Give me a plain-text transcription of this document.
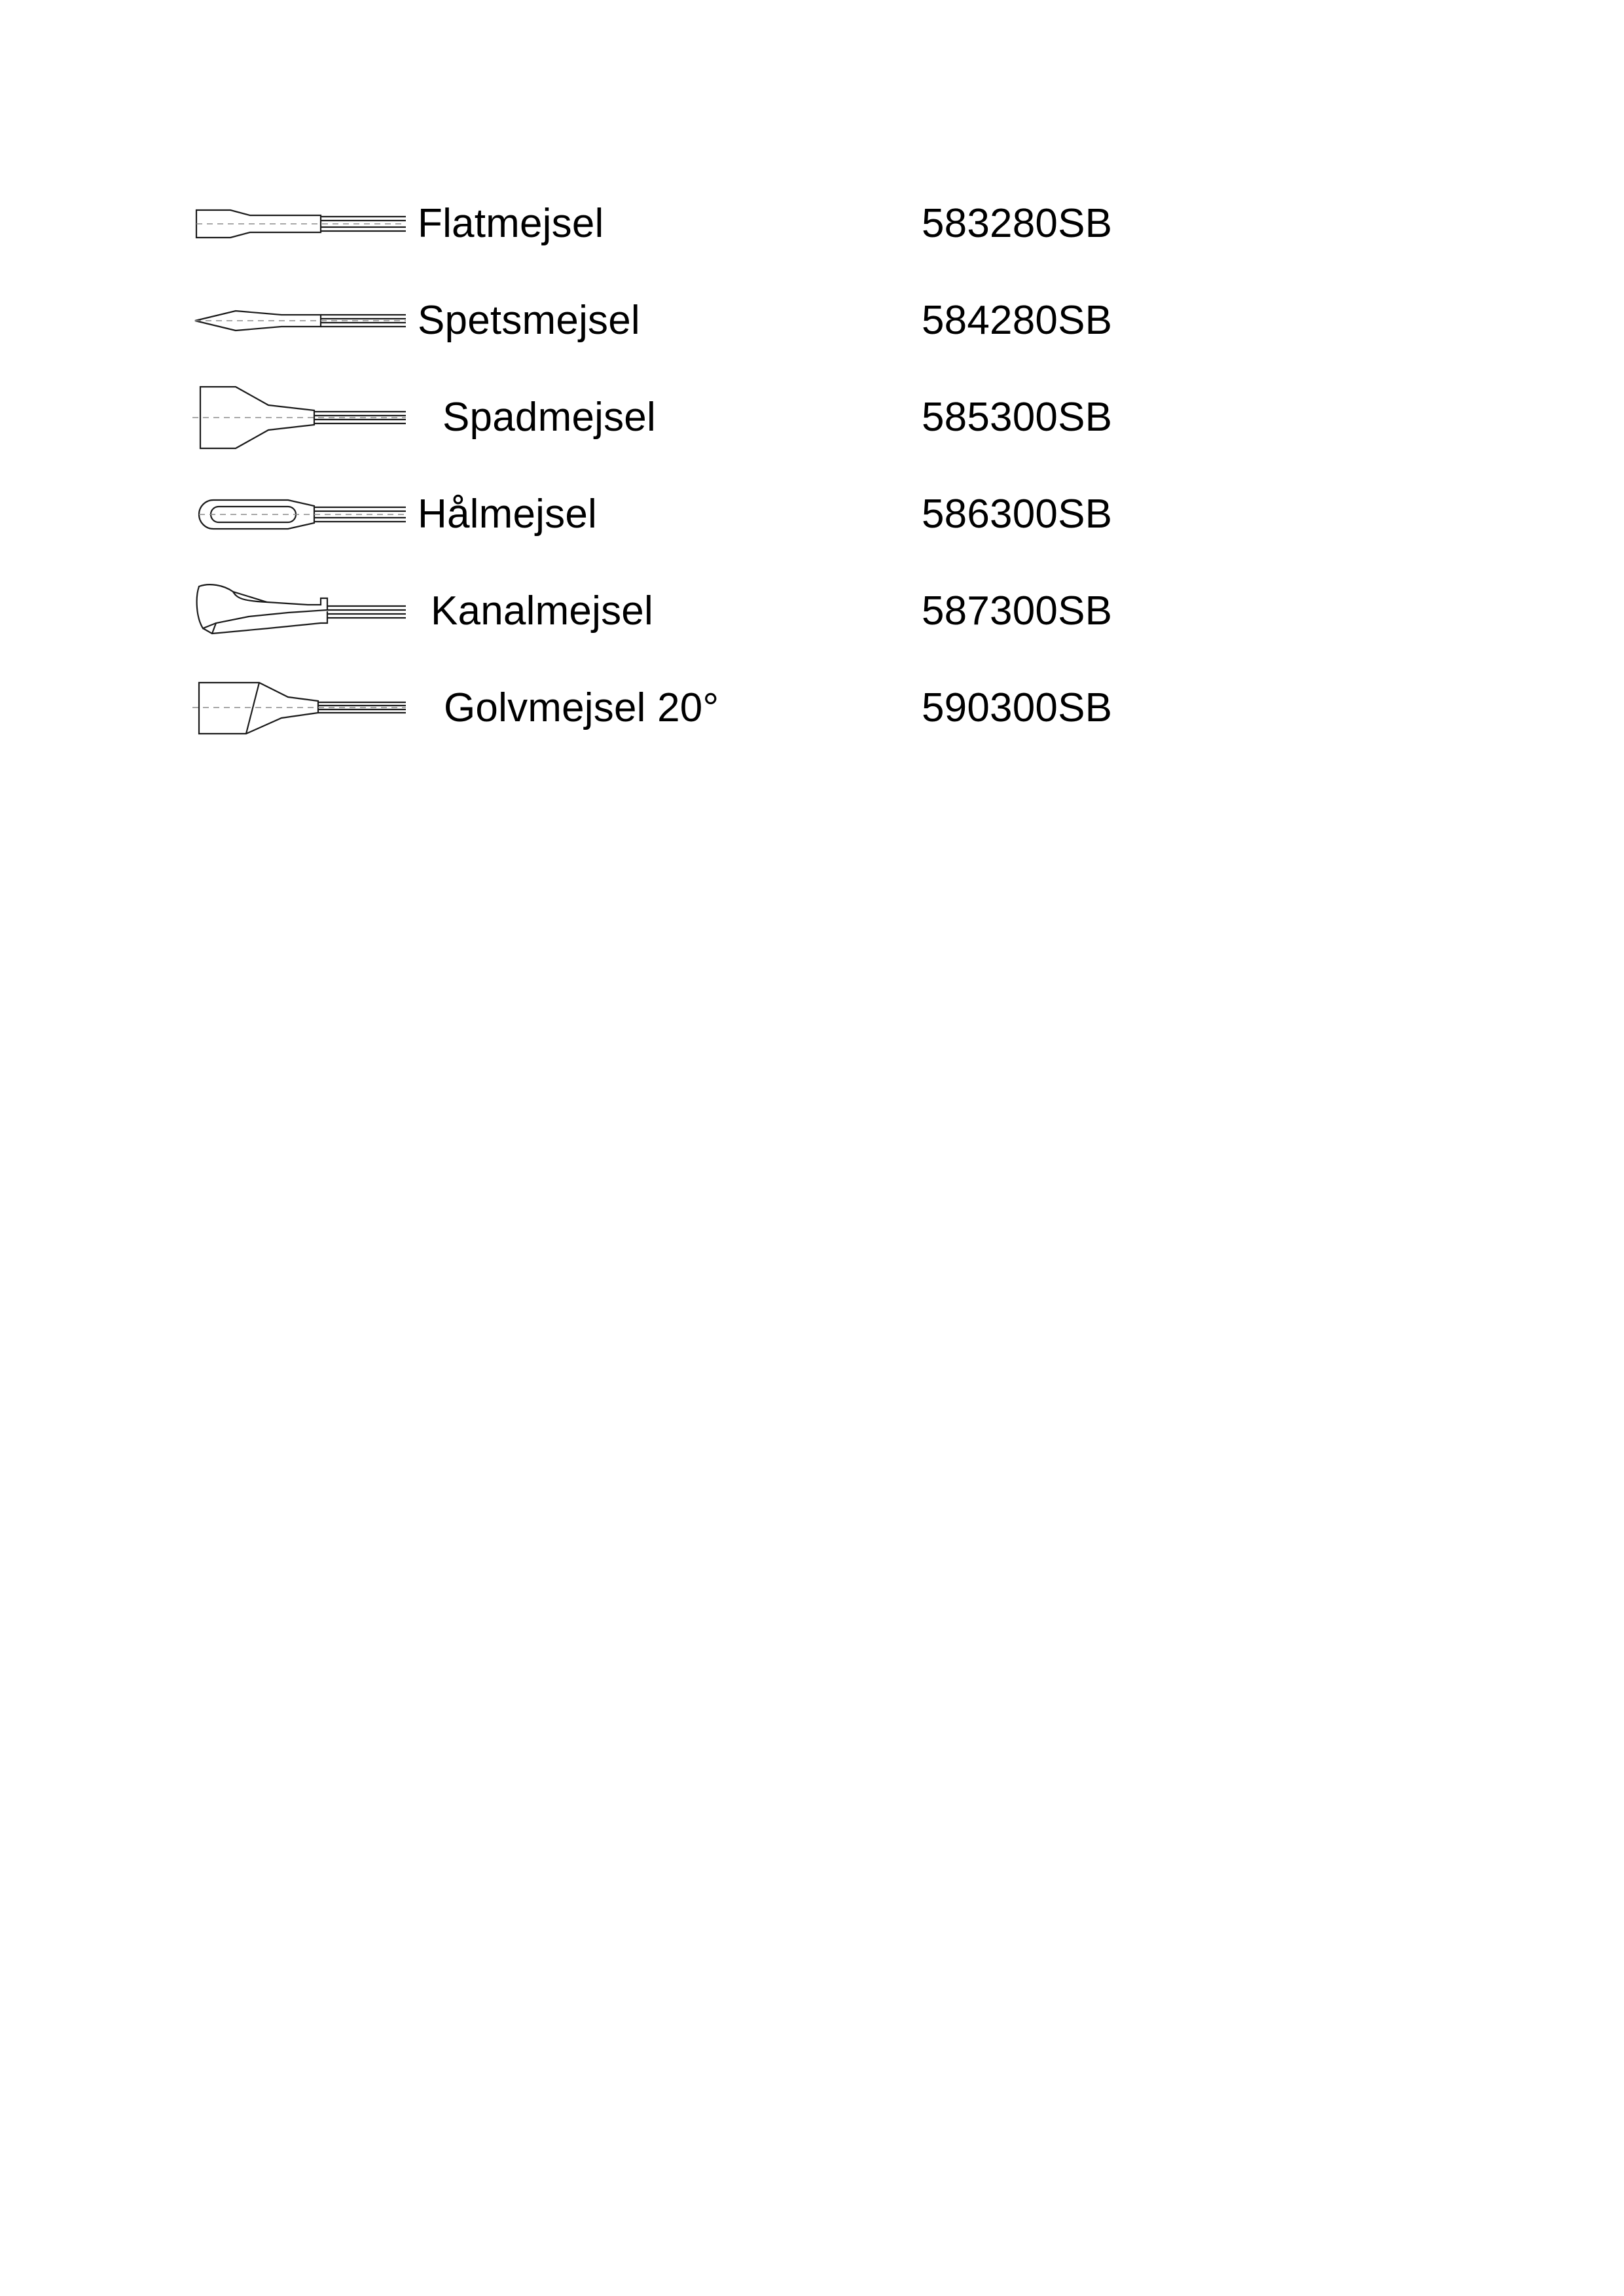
Flatmejsel	583280SB
Spetsmejsel	584280SB
Spadmejsel	585300SB
Hålmejsel	586300SB
Kanalmejsel	587300SB
Golvmejsel 20°	590300SB
